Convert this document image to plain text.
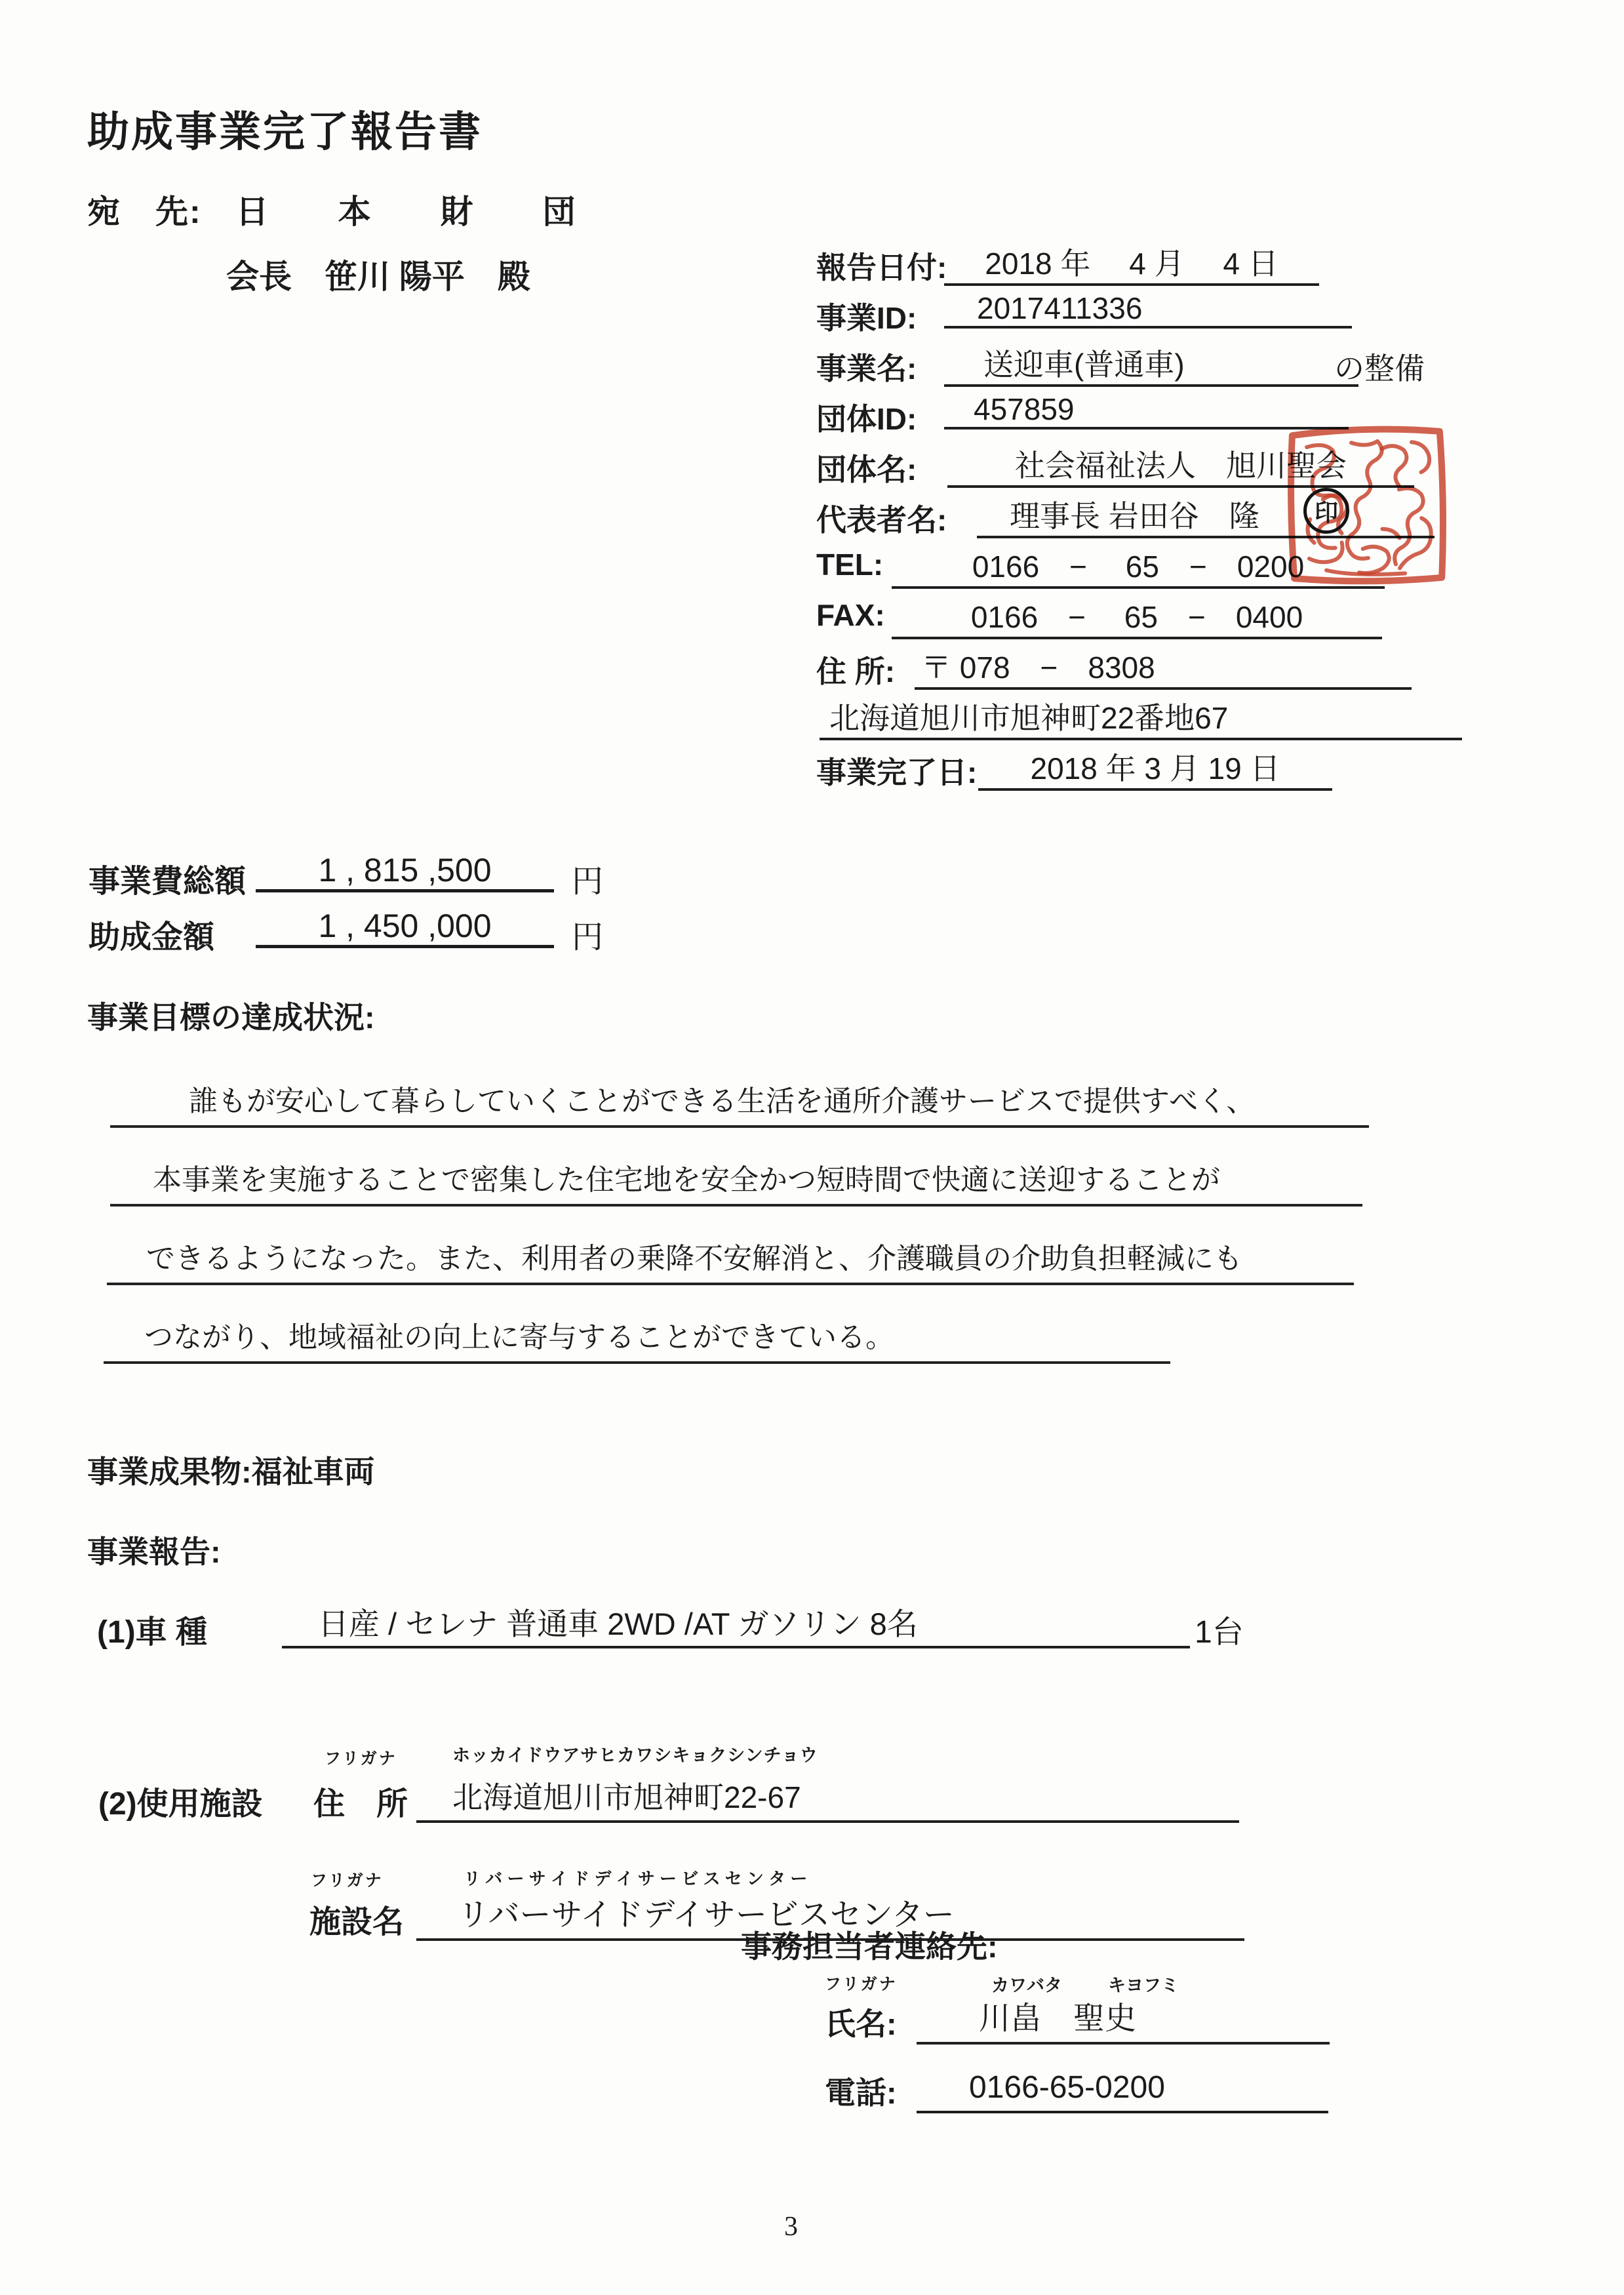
助成事業完了報告書
宛　先:　日　　本　　財　　団
会長　笹川 陽平　殿	報告日付:	2018 年　 4 月　 4 日
事業ID:	2017411336
事業名:	送迎車(普通車)	の整備
団体ID:	457859
団体名:	社会福祉法人　旭川聖会
代表者名:	理事長 岩田谷　隆
TEL:	0166　−　 65　−　0200
FAX:	0166　−　 65　−　0400
住 所: 〒 078　−　8308
北海道旭川市旭神町22番地67
事業完了日:	2018 年 3 月 19 日
印
事業費総額	1 , 815 ,500	円
助成金額	1 , 450 ,000	円
事業目標の達成状況:
誰もが安心して暮らしていくことができる生活を通所介護サービスで提供すべく、
本事業を実施することで密集した住宅地を安全かつ短時間で快適に送迎することが
できるようになった。また、利用者の乗降不安解消と、介護職員の介助負担軽減にも
つながり、地域福祉の向上に寄与することができている。
事業成果物:福祉車両
事業報告:
(1)車 種	日産 / セレナ 普通車 2WD /AT ガソリン 8名	1台
フリガナ	ホッカイドウアサヒカワシキョクシンチョウ
(2)使用施設 住　所	北海道旭川市旭神町22-67
フリガナ	リ バ ー サ イ ド デ イ サ ー ビ ス セ ン タ ー
施設名	リバーサイドデイサービスセンター
事務担当者連絡先:
フリガナ	カワバタ	キヨフミ
氏名:	川畠　聖史
電話:	0166-65-0200
3
